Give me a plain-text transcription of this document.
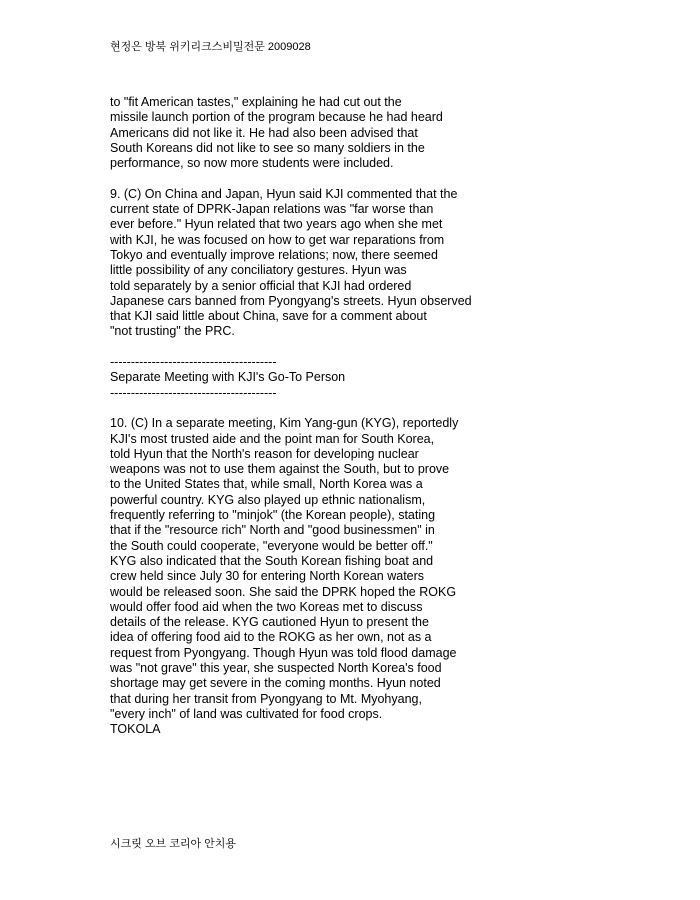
현정은 방북 위키리크스비밀전문 2009028
to "fit American tastes," explaining he had cut out the
missile launch portion of the program because he had heard
Americans did not like it. He had also been advised that
South Koreans did not like to see so many soldiers in the
performance, so now more students were included.
9. (C) On China and Japan, Hyun said KJI commented that the
current state of DPRK-Japan relations was "far worse than
ever before." Hyun related that two years ago when she met
with KJI, he was focused on how to get war reparations from
Tokyo and eventually improve relations; now, there seemed
little possibility of any conciliatory gestures. Hyun was
told separately by a senior official that KJI had ordered
Japanese cars banned from Pyongyang's streets. Hyun observed
that KJI said little about China, save for a comment about
"not trusting" the PRC.
----------------------------------------
Separate Meeting with KJI's Go-To Person
----------------------------------------
10. (C) In a separate meeting, Kim Yang-gun (KYG), reportedly
KJI's most trusted aide and the point man for South Korea,
told Hyun that the North's reason for developing nuclear
weapons was not to use them against the South, but to prove
to the United States that, while small, North Korea was a
powerful country. KYG also played up ethnic nationalism,
frequently referring to "minjok" (the Korean people), stating
that if the "resource rich" North and "good businessmen" in
the South could cooperate, "everyone would be better off."
KYG also indicated that the South Korean fishing boat and
crew held since July 30 for entering North Korean waters
would be released soon. She said the DPRK hoped the ROKG
would offer food aid when the two Koreas met to discuss
details of the release. KYG cautioned Hyun to present the
idea of offering food aid to the ROKG as her own, not as a
request from Pyongyang. Though Hyun was told flood damage
was "not grave" this year, she suspected North Korea's food
shortage may get severe in the coming months. Hyun noted
that during her transit from Pyongyang to Mt. Myohyang,
"every inch" of land was cultivated for food crops.
TOKOLA
시크릿 오브 코리아 안치용
